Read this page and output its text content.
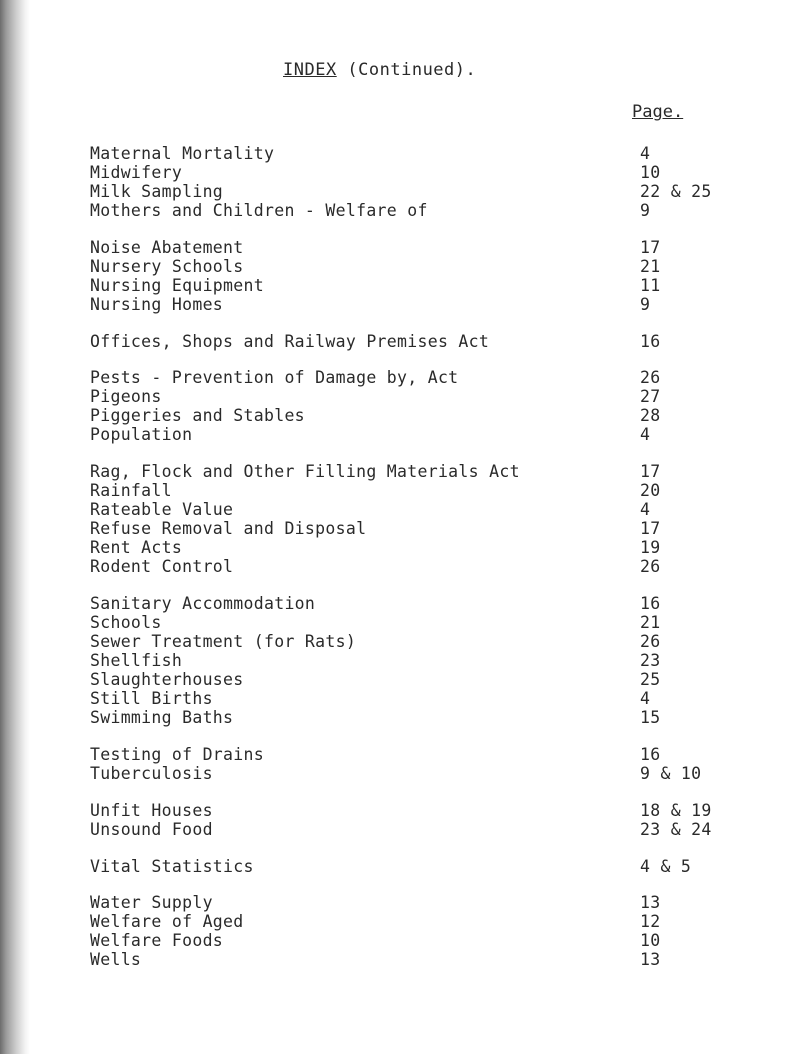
INDEX (Continued).
Page.
Maternal Mortality	4
Midwifery	10
Milk Sampling	22 & 25
Mothers and Children - Welfare of	9
Noise Abatement	17
Nursery Schools	21
Nursing Equipment	11
Nursing Homes	9
Offices, Shops and Railway Premises Act	16
Pests - Prevention of Damage by, Act	26
Pigeons	27
Piggeries and Stables	28
Population	4
Rag, Flock and Other Filling Materials Act	17
Rainfall	20
Rateable Value	4
Refuse Removal and Disposal	17
Rent Acts	19
Rodent Control	26
Sanitary Accommodation	16
Schools	21
Sewer Treatment (for Rats)	26
Shellfish	23
Slaughterhouses	25
Still Births	4
Swimming Baths	15
Testing of Drains	16
Tuberculosis	9 & 10
Unfit Houses	18 & 19
Unsound Food	23 & 24
Vital Statistics	4 & 5
Water Supply	13
Welfare of Aged	12
Welfare Foods	10
Wells	13
